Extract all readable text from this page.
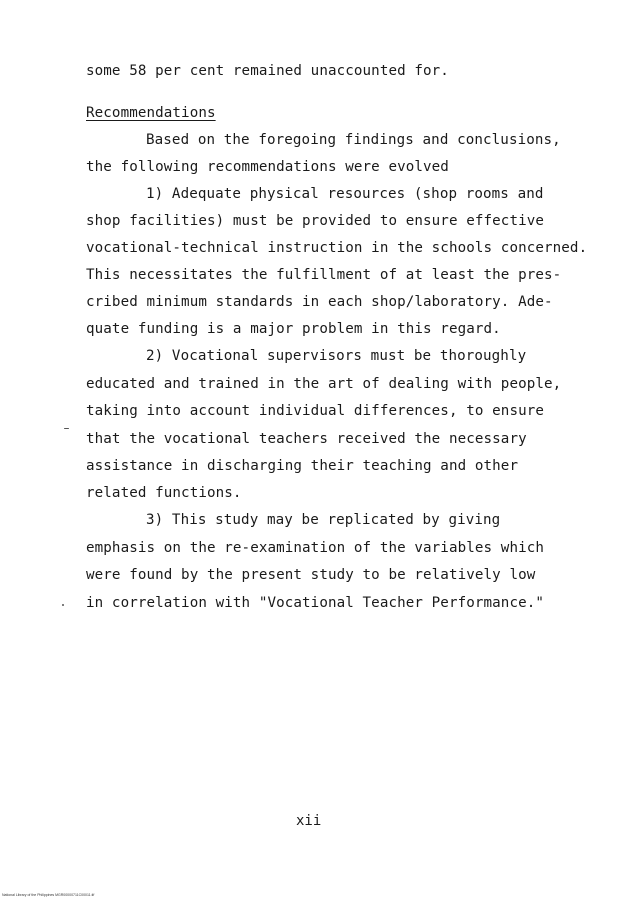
some 58 per cent remained unaccounted for.
Recommendations
Based on the foregoing findings and conclusions,
the following recommendations were evolved
1) Adequate physical resources (shop rooms and
shop facilities) must be provided to ensure effective
vocational-technical instruction in the schools concerned.
This necessitates the fulfillment of at least the pres-
cribed minimum standards in each shop/laboratory. Ade-
quate funding is a major problem in this regard.
2) Vocational supervisors must be thoroughly
educated and trained in the art of dealing with people,
taking into account individual differences, to ensure
that the vocational teachers received the necessary
assistance in discharging their teaching and other
related functions.
3) This study may be replicated by giving
emphasis on the re-examination of the variables which
were found by the present study to be relatively low
in correlation with "Vocational Teacher Performance."
xii
National Library of the Philippines MGR00000711C00011.tif
